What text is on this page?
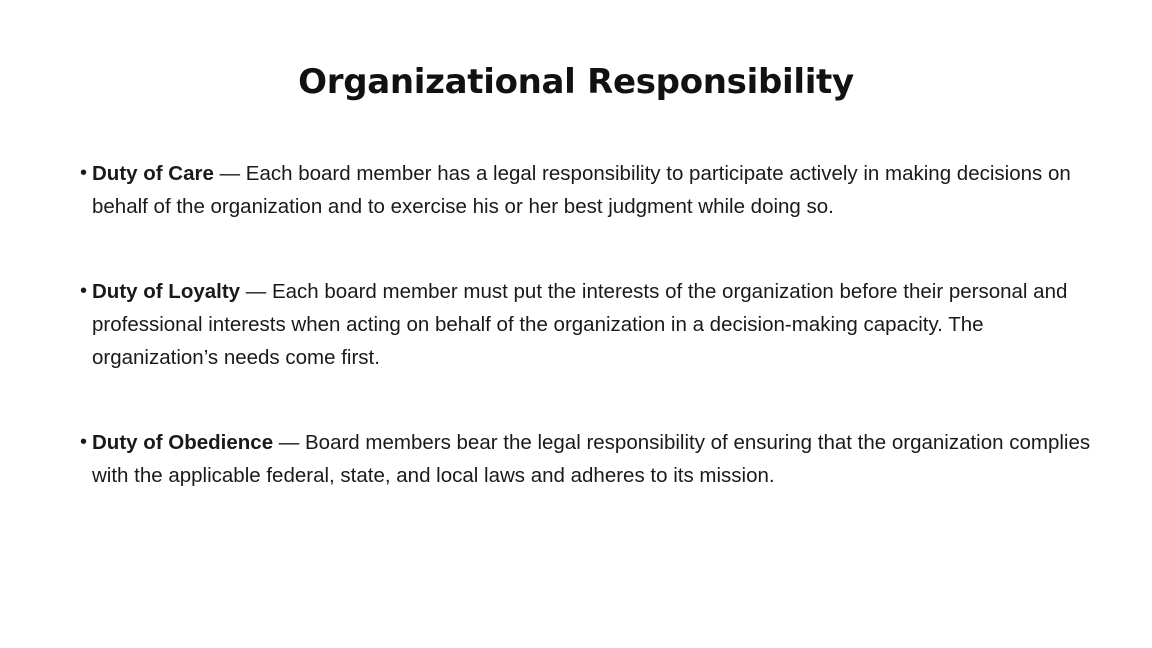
Organizational Responsibility
• Duty of Care — Each board member has a legal responsibility to participate actively in making decisions on behalf of the organization and to exercise his or her best judgment while doing so.
• Duty of Loyalty — Each board member must put the interests of the organization before their personal and professional interests when acting on behalf of the organization in a decision-making capacity. The organization’s needs come first.
• Duty of Obedience — Board members bear the legal responsibility of ensuring that the organization complies with the applicable federal, state, and local laws and adheres to its mission.
